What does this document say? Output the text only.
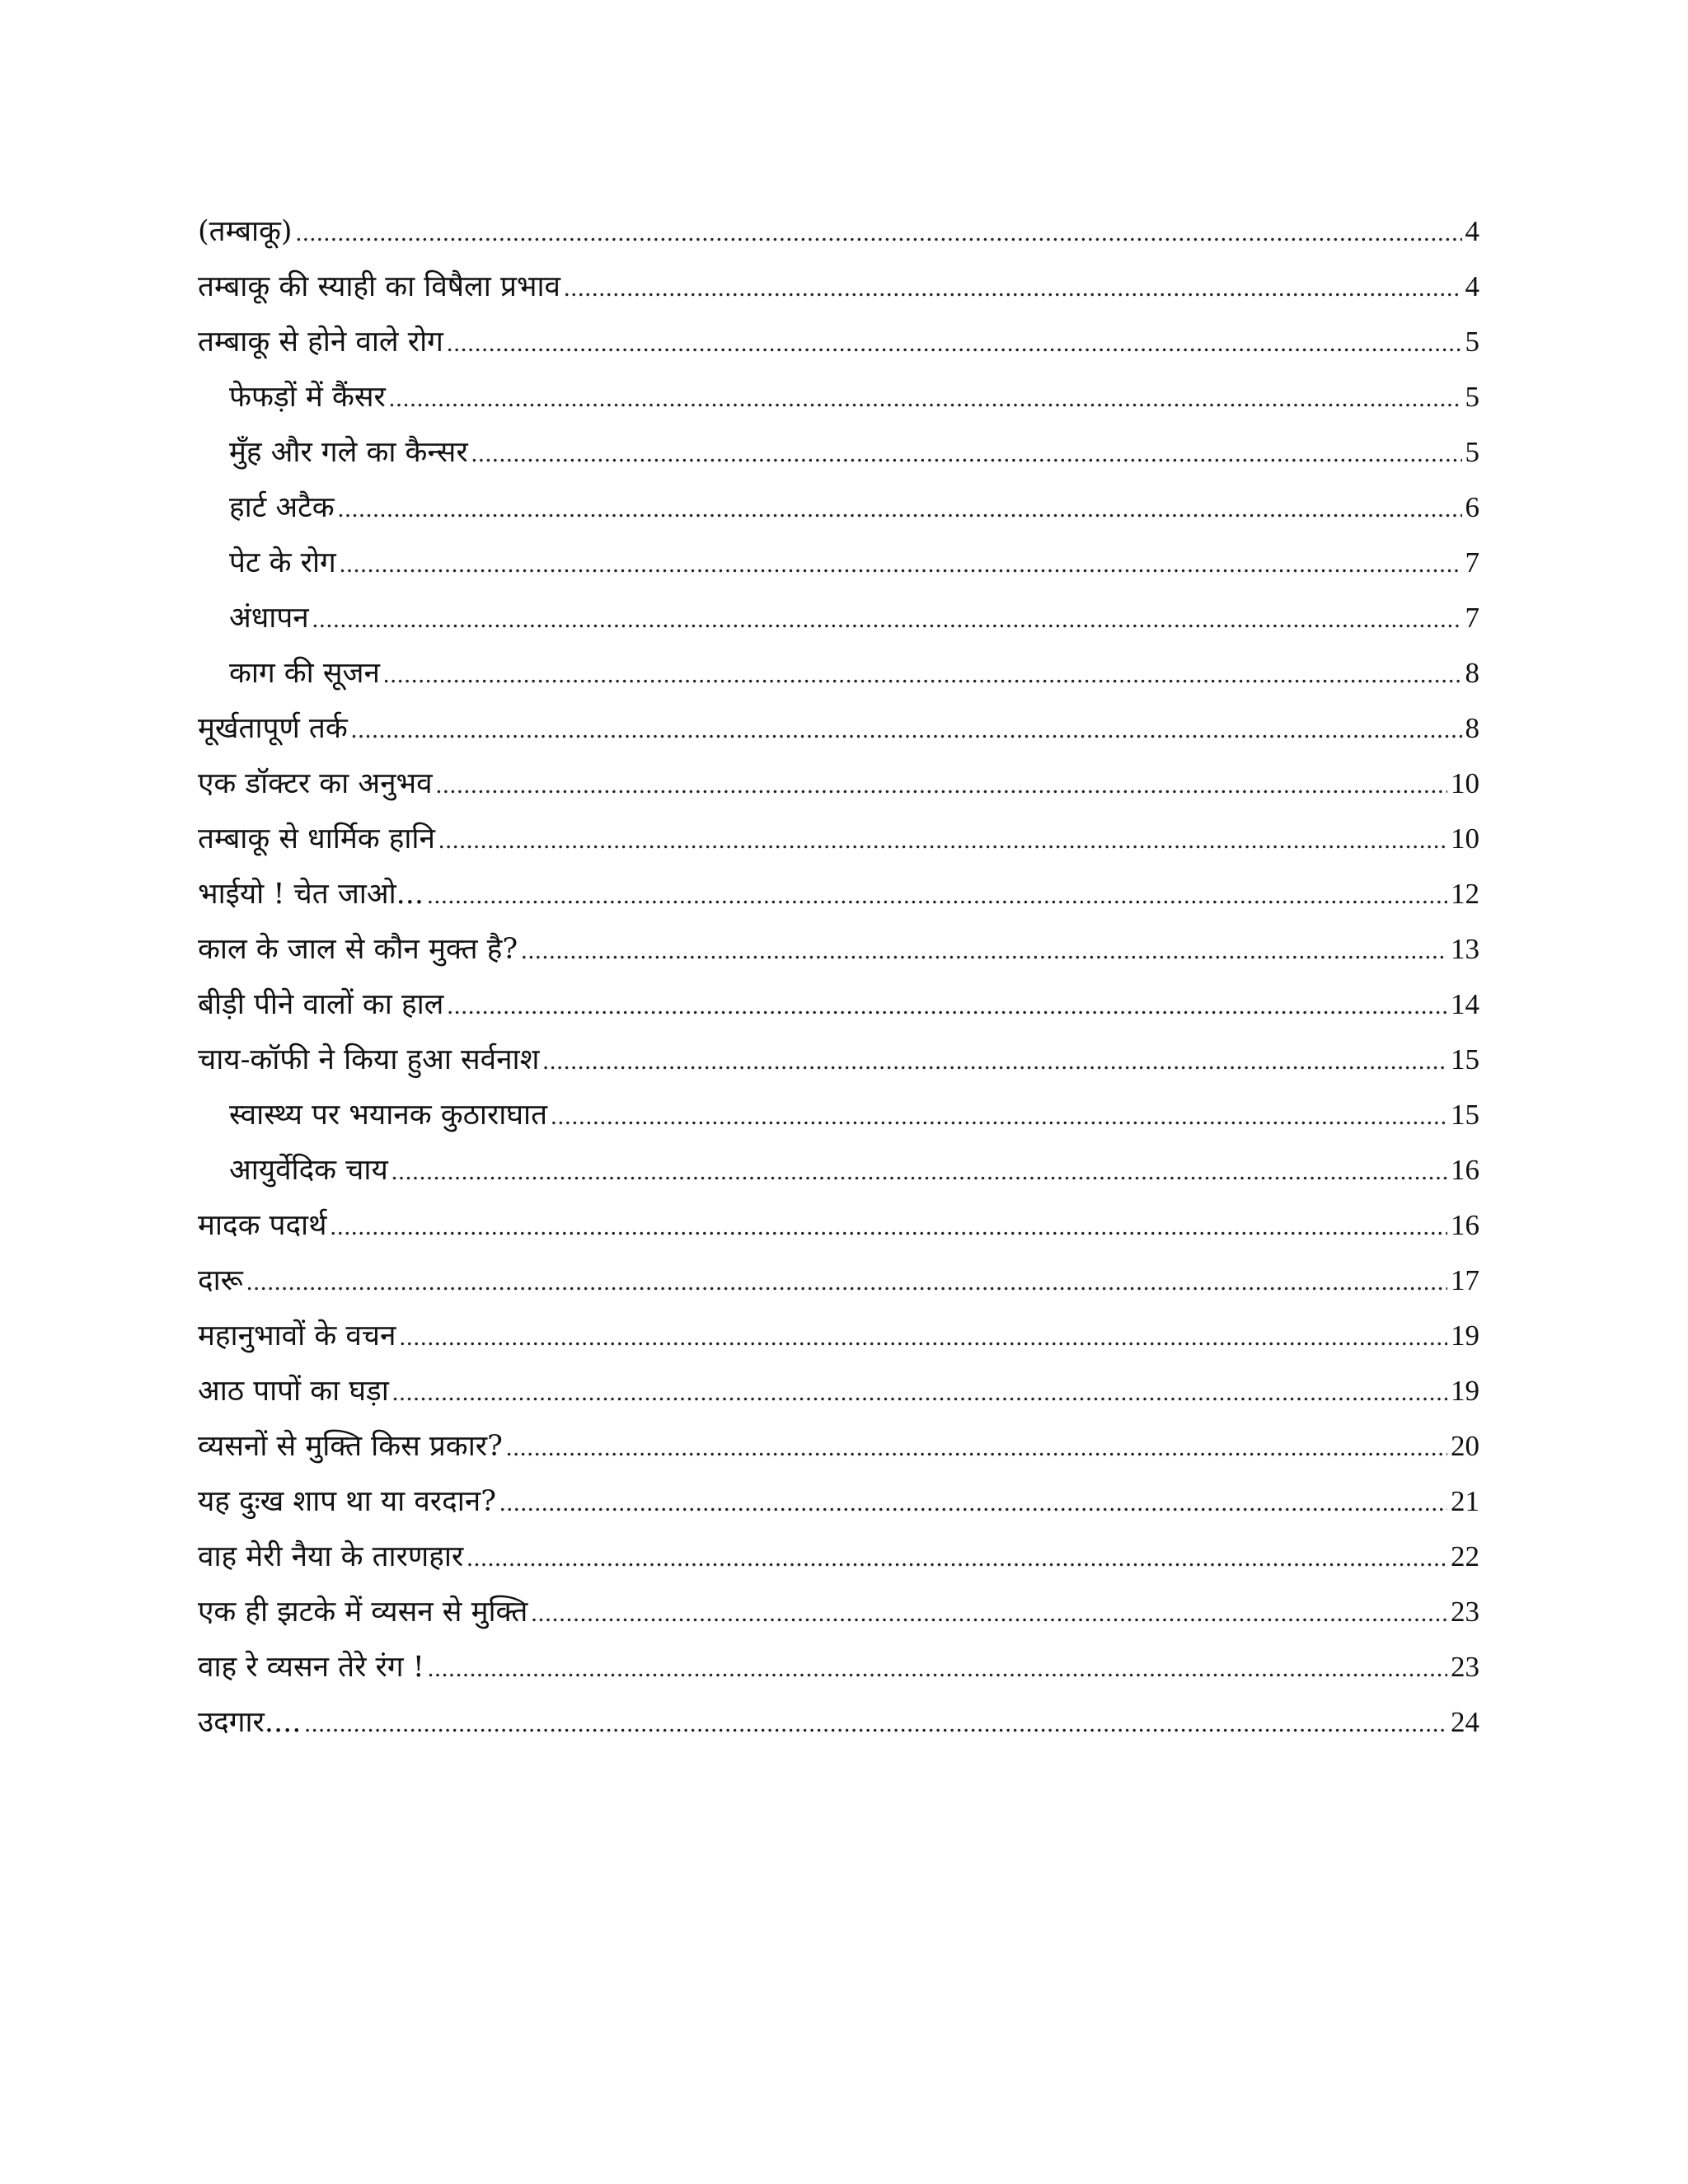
(तम्बाकू) .....	4
तम्बाकू की स्याही का विषैला प्रभाव .....	4
तम्बाकू से होने वाले रोग .....	5
फेफड़ों में कैंसर .....	5
मुँह और गले का कैन्सर .....	5
हार्ट अटैक .....	6
पेट के रोग .....	7
अंधापन .....	7
काग की सूजन .....	8
मूर्खतापूर्ण तर्क .....	8
एक डॉक्टर का अनुभव .....	10
तम्बाकू से धार्मिक हानि .....	10
भाईयो ! चेत जाओ... .....	12
काल के जाल से कौन मुक्त है? .....	13
बीड़ी पीने वालों का हाल .....	14
चाय-कॉफी ने किया हुआ सर्वनाश .....	15
स्वास्थ्य पर भयानक कुठाराघात .....	15
आयुर्वेदिक चाय .....	16
मादक पदार्थ .....	16
दारू .....	17
महानुभावों के वचन .....	19
आठ पापों का घड़ा .....	19
व्यसनों से मुक्ति किस प्रकार? .....	20
यह दुःख शाप था या वरदान? .....	21
वाह मेरी नैया के तारणहार .....	22
एक ही झटके में व्यसन से मुक्ति .....	23
वाह रे व्यसन तेरे रंग ! .....	23
उदगार.... .....	24
